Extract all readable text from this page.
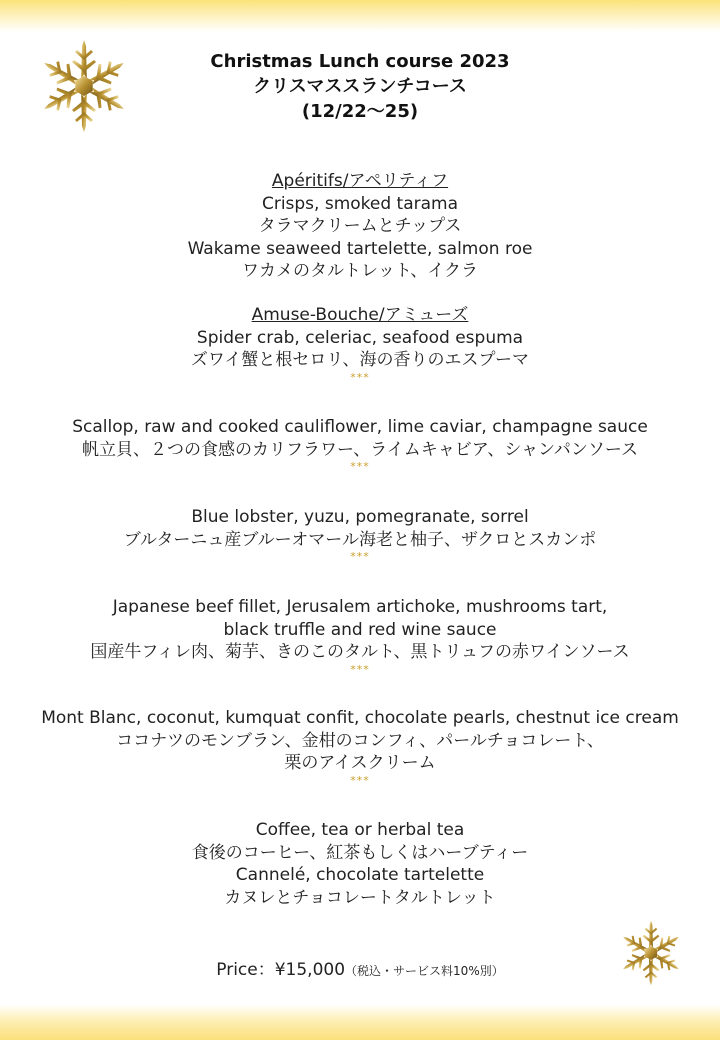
Christmas Lunch course 2023
クリスマススランチコース
(12/22～25)
Apéritifs/アペリティフ
Crisps, smoked tarama
タラマクリームとチップス
Wakame seaweed tartelette, salmon roe
ワカメのタルトレット、イクラ
Amuse-Bouche/アミューズ
Spider crab, celeriac, seafood espuma
ズワイ蟹と根セロリ、海の香りのエスプーマ
***
Scallop, raw and cooked cauliflower, lime caviar, champagne sauce
帆立貝、２つの食感のカリフラワー、ライムキャビア、シャンパンソース
***
Blue lobster, yuzu, pomegranate, sorrel
ブルターニュ産ブルーオマール海老と柚子、ザクロとスカンポ
***
Japanese beef fillet, Jerusalem artichoke, mushrooms tart,
black truffle and red wine sauce
国産牛フィレ肉、菊芋、きのこのタルト、黒トリュフの赤ワインソース
***
Mont Blanc, coconut, kumquat confit, chocolate pearls, chestnut ice cream
ココナツのモンブラン、金柑のコンフィ、パールチョコレート、
栗のアイスクリーム
***
Coffee, tea or herbal tea
食後のコーヒー、紅茶もしくはハーブティー
Cannelé, chocolate tartelette
カヌレとチョコレートタルトレット
Price：¥15,000（税込・サービス料10%別）
